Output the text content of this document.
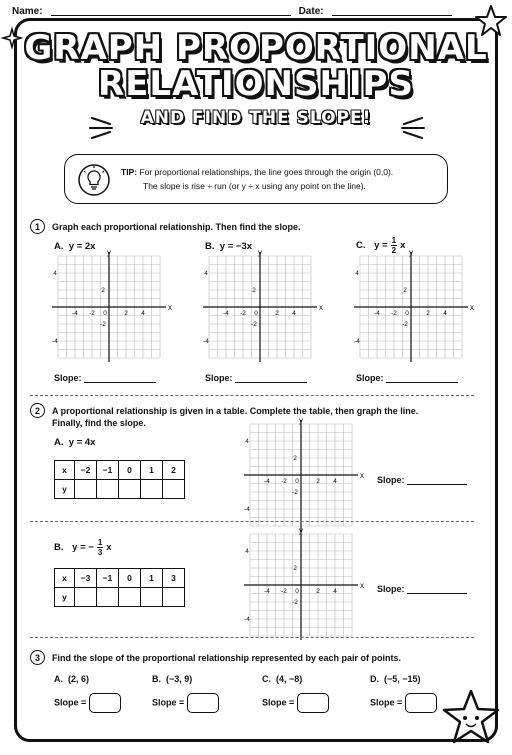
Name:	Date:
GRAPH PROPORTIONAL
RELATIONSHIPS
AND FIND THE SLOPE!
TIP: For proportional relationships, the line goes through the origin (0,0).
The slope is rise ÷ run (or y ÷ x using any point on the line).
1	Graph each proportional relationship. Then find the slope.
A. y = 2x	B. y = −3x	C.
$y = \frac{1}{2}$ x
x
y
-4 -2 0	2 4
4
2
-2
-4
x
y
-4 -2 0	2 4
4
2
-2
-4
x
y
-4 -2 0	2 4
4
2
-2
-4
Slope:	Slope:	Slope:
2	A proportional relationship is given in a table. Complete the table, then graph the line.
Finally, find the slope.
A. y = 4x
x	−2	−1	0	1	2
y					
x
y
-4 -2 0	2 4
4
2
-2
-4
Slope:
B.
y = − $\frac{1}{3}$ x
x	−3	−1	0	1	3
y					
x
y
-4 -2 0	2 4
4
2
-2
-4
Slope:
3	Find the slope of the proportional relationship represented by each pair of points.
A. (2, 6)	B. (−3, 9)	C. (4, −8)	D. (−5, −15)
Slope =	Slope =	Slope =	Slope =
